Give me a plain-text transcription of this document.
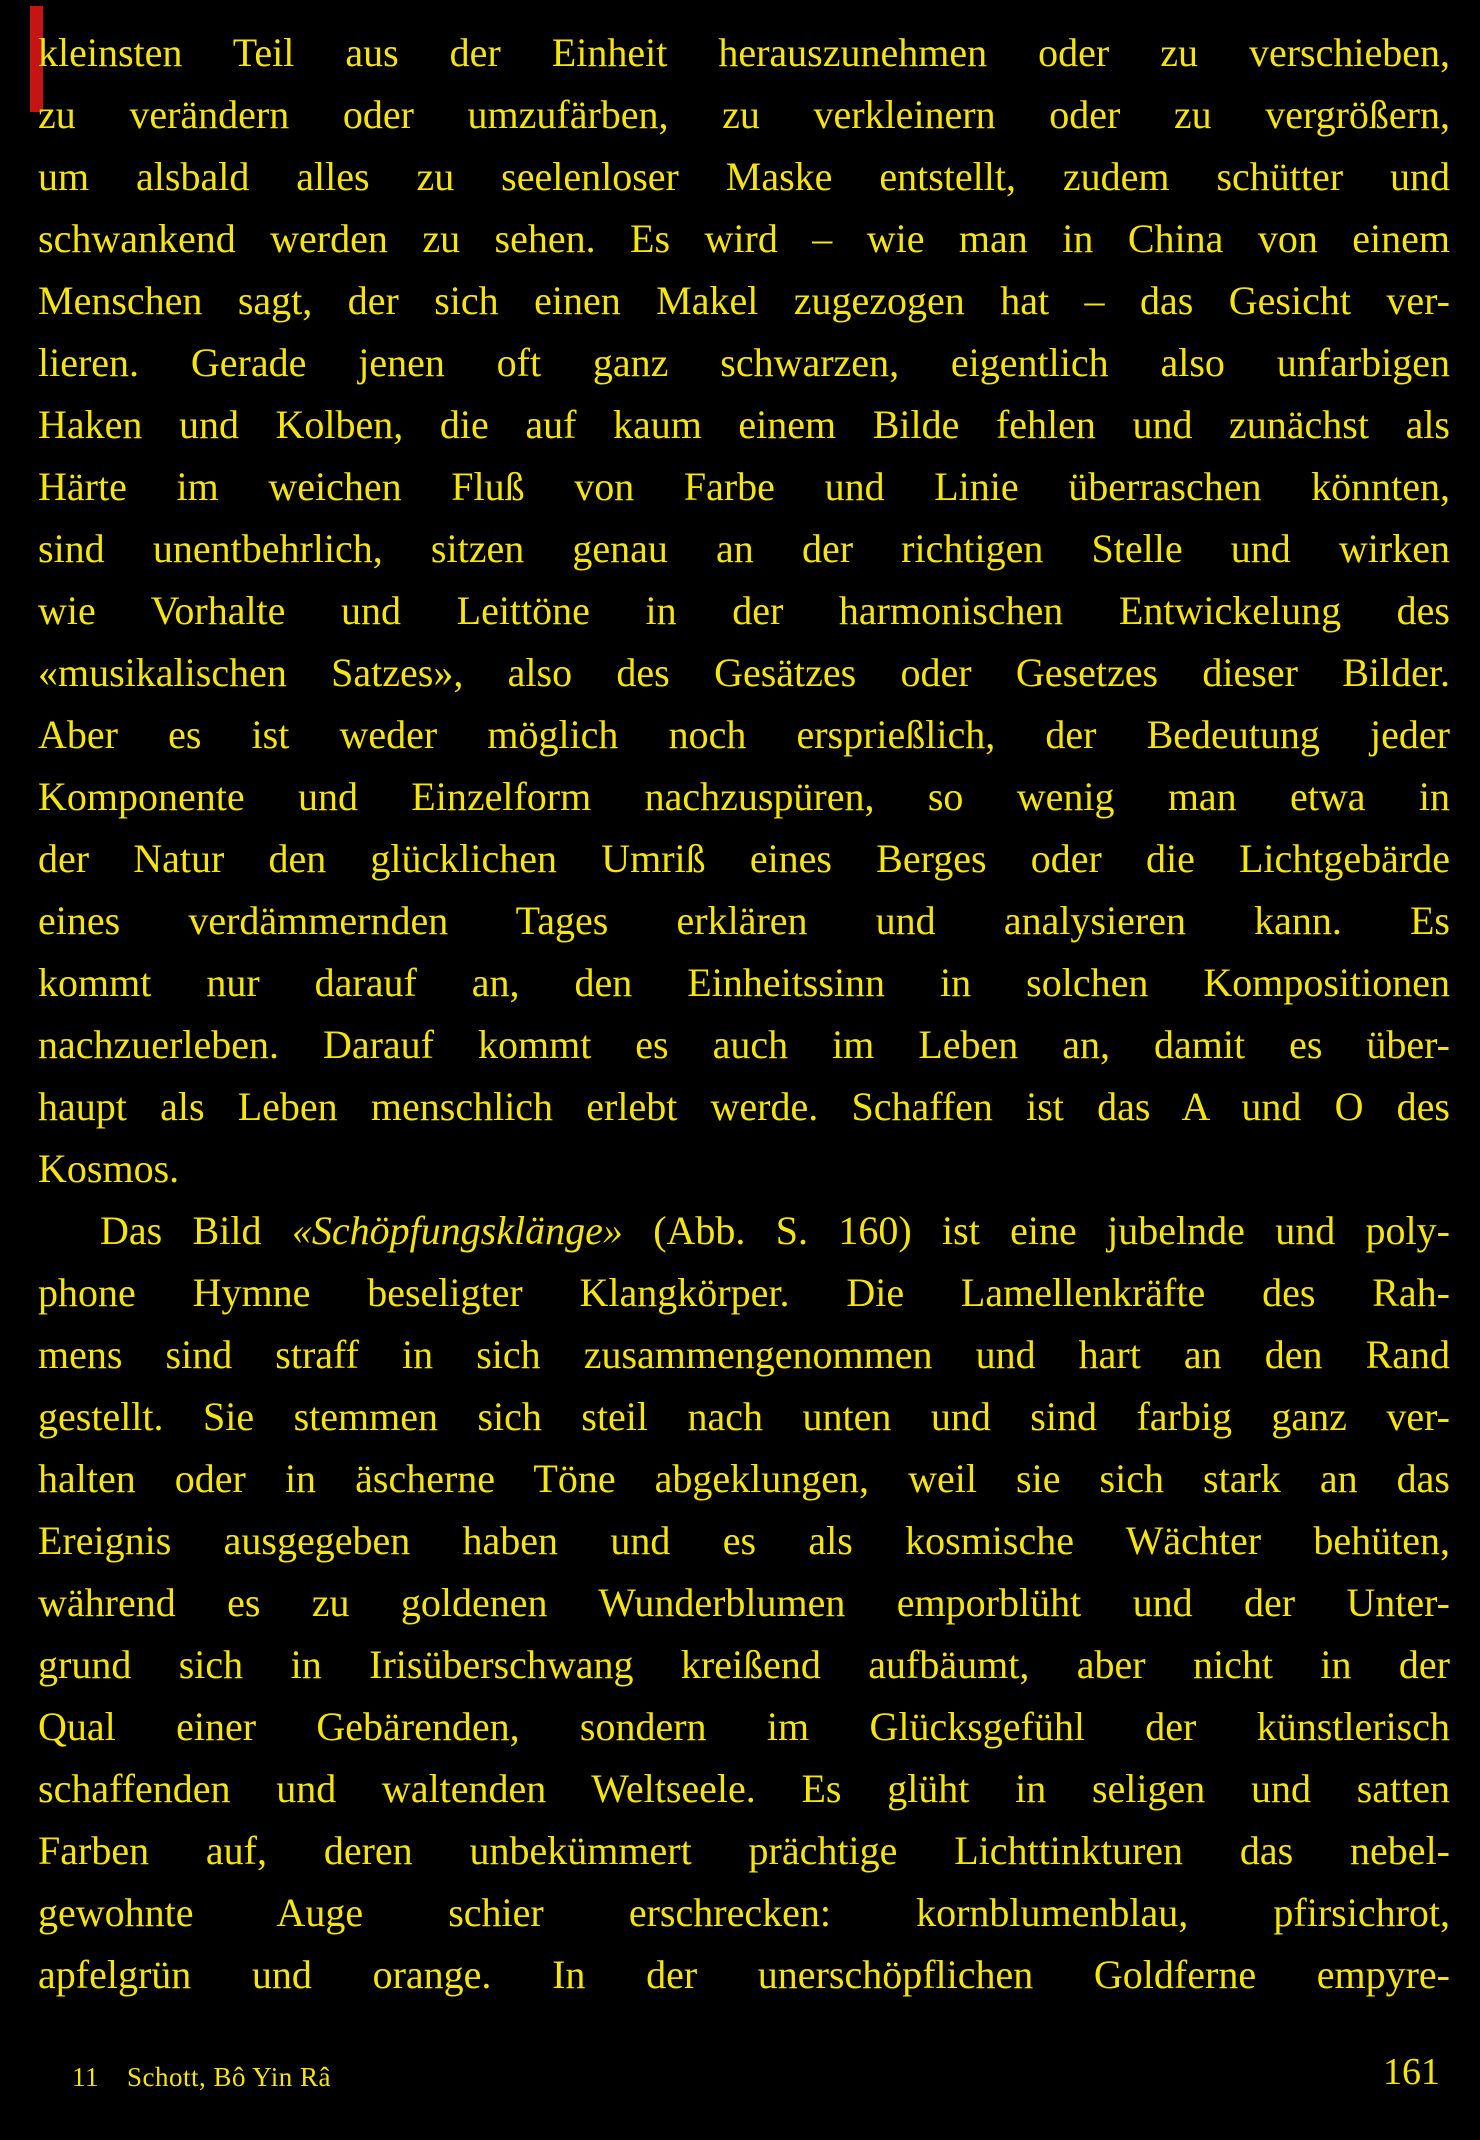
kleinsten Teil aus der Einheit herauszunehmen oder zu verschieben,
zu verändern oder umzufärben, zu verkleinern oder zu vergrößern,
um alsbald alles zu seelenloser Maske entstellt, zudem schütter und
schwankend werden zu sehen. Es wird – wie man in China von einem
Menschen sagt, der sich einen Makel zugezogen hat – das Gesicht ver-
lieren. Gerade jenen oft ganz schwarzen, eigentlich also unfarbigen
Haken und Kolben, die auf kaum einem Bilde fehlen und zunächst als
Härte im weichen Fluß von Farbe und Linie überraschen könnten,
sind unentbehrlich, sitzen genau an der richtigen Stelle und wirken
wie Vorhalte und Leittöne in der harmonischen Entwickelung des
«musikalischen Satzes», also des Gesätzes oder Gesetzes dieser Bilder.
Aber es ist weder möglich noch ersprießlich, der Bedeutung jeder
Komponente und Einzelform nachzuspüren, so wenig man etwa in
der Natur den glücklichen Umriß eines Berges oder die Lichtgebärde
eines verdämmernden Tages erklären und analysieren kann. Es
kommt nur darauf an, den Einheitssinn in solchen Kompositionen
nachzuerleben. Darauf kommt es auch im Leben an, damit es über-
haupt als Leben menschlich erlebt werde. Schaffen ist das A und O des
Kosmos.
Das Bild «Schöpfungsklänge» (Abb. S. 160) ist eine jubelnde und poly-
phone Hymne beseligter Klangkörper. Die Lamellenkräfte des Rah-
mens sind straff in sich zusammengenommen und hart an den Rand
gestellt. Sie stemmen sich steil nach unten und sind farbig ganz ver-
halten oder in äscherne Töne abgeklungen, weil sie sich stark an das
Ereignis ausgegeben haben und es als kosmische Wächter behüten,
während es zu goldenen Wunderblumen emporblüht und der Unter-
grund sich in Irisüberschwang kreißend aufbäumt, aber nicht in der
Qual einer Gebärenden, sondern im Glücksgefühl der künstlerisch
schaffenden und waltenden Weltseele. Es glüht in seligen und satten
Farben auf, deren unbekümmert prächtige Lichttinkturen das nebel-
gewohnte Auge schier erschrecken: kornblumenblau, pfirsichrot,
apfelgrün und orange. In der unerschöpflichen Goldferne empyre-
11 Schott, Bô Yin Râ	161
